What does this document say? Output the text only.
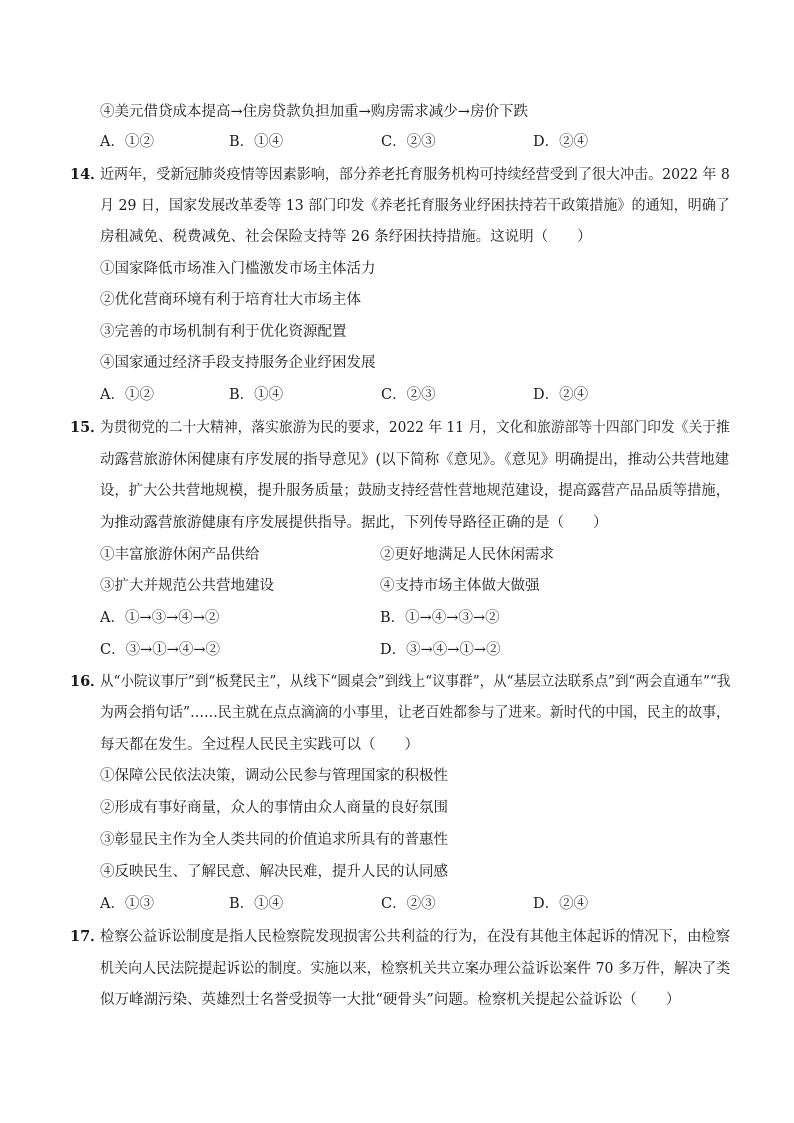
④美元借贷成本提高→住房贷款负担加重→购房需求减少→房价下跌
A．①②	B．①④	C．②③	D．②④
14．
近两年，受新冠肺炎疫情等因素影响，部分养老托育服务机构可持续经营受到了很大冲击。2022 年 8
月 29 日，国家发展改革委等 13 部门印发《养老托育服务业纾困扶持若干政策措施》的通知，明确了
房租减免、税费减免、社会保险支持等 26 条纾困扶持措施。这说明（　　）
①国家降低市场准入门槛激发市场主体活力
②优化营商环境有利于培育壮大市场主体
③完善的市场机制有利于优化资源配置
④国家通过经济手段支持服务企业纾困发展
A．①②	B．①④	C．②③	D．②④
15．
为贯彻党的二十大精神，落实旅游为民的要求，2022 年 11 月，文化和旅游部等十四部门印发《关于推
动露营旅游休闲健康有序发展的指导意见》(以下简称《意见》。《意见》明确提出，推动公共营地建
设，扩大公共营地规模，提升服务质量；鼓励支持经营性营地规范建设，提高露营产品品质等措施，
为推动露营旅游健康有序发展提供指导。据此，下列传导路径正确的是（　　）
①丰富旅游休闲产品供给	②更好地满足人民休闲需求
③扩大并规范公共营地建设	④支持市场主体做大做强
A．①→③→④→②	B．①→④→③→②
C．③→①→④→②	D．③→④→①→②
16．
从“小院议事厅”到“板凳民主”，从线下“圆桌会”到线上“议事群”，从“基层立法联系点”到“两会直通车”“我
为两会捎句话”……民主就在点点滴滴的小事里，让老百姓都参与了进来。新时代的中国，民主的故事，
每天都在发生。全过程人民民主实践可以（　　）
①保障公民依法决策，调动公民参与管理国家的积极性
②形成有事好商量，众人的事情由众人商量的良好氛围
③彰显民主作为全人类共同的价值追求所具有的普惠性
④反映民生、了解民意、解决民难，提升人民的认同感
A．①③	B．①④	C．②③	D．②④
17．
检察公益诉讼制度是指人民检察院发现损害公共利益的行为，在没有其他主体起诉的情况下，由检察
机关向人民法院提起诉讼的制度。实施以来，检察机关共立案办理公益诉讼案件 70 多万件，解决了类
似万峰湖污染、英雄烈士名誉受损等一大批“硬骨头”问题。检察机关提起公益诉讼（　　）
